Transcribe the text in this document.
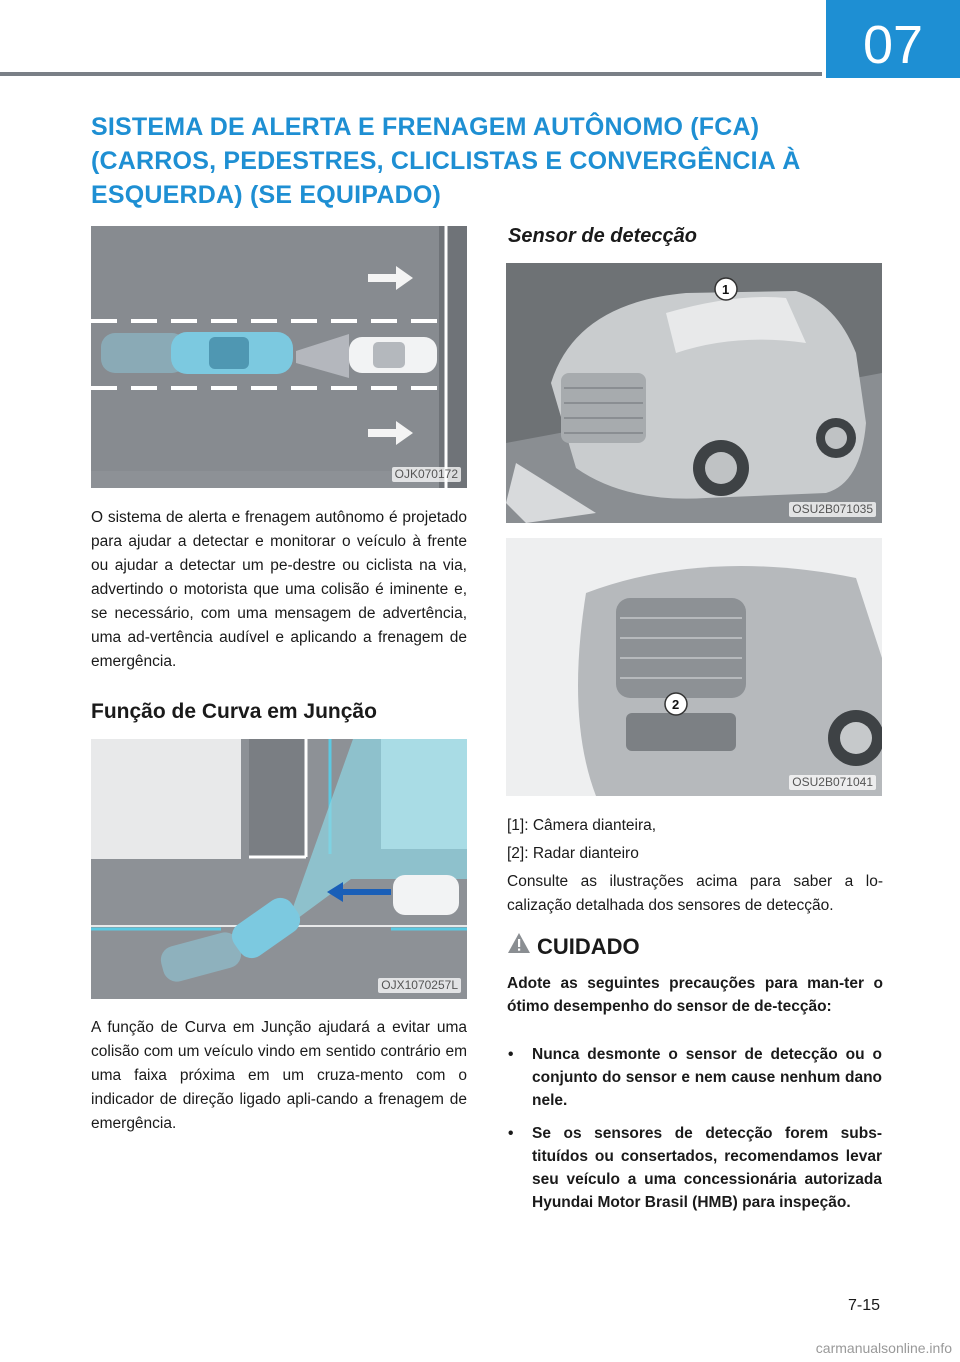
07
SISTEMA DE ALERTA E FRENAGEM AUTÔNOMO (FCA) (CARROS, PEDESTRES, CLICLISTAS E CONVERGÊNCIA À ESQUERDA) (SE EQUIPADO)
OJK070172

O sistema de alerta e frenagem autônomo é projetado para ajudar a detectar e monitorar o veículo à frente ou ajudar a detectar um pe-destre ou ciclista na via, advertindo o motorista que uma colisão é iminente e, se necessário, com uma mensagem de advertência, uma ad-vertência audível e aplicando a frenagem de emergência.

Função de Curva em Junção
OJX1070257L

A função de Curva em Junção ajudará a evitar uma colisão com um veículo vindo em sentido contrário em uma faixa próxima em um cruza-mento com o indicador de direção ligado apli-cando a frenagem de emergência.

Sensor de detecção
1
OSU2B071035
2
OSU2B071041
[1]: Câmera dianteira,
[2]: Radar dianteiro

Consulte as ilustrações acima para saber a lo-calização detalhada dos sensores de detecção.

CUIDADO

Adote as seguintes precauções para man-ter o ótimo desempenho do sensor de de-tecção:

• Nunca desmonte o sensor de detecção ou o conjunto do sensor e nem cause nenhum dano nele.
• Se os sensores de detecção forem subs-tituídos ou consertados, recomendamos levar seu veículo a uma concessionária autorizada Hyundai Motor Brasil (HMB) para inspeção.
7-15
carmanualsonline.info
